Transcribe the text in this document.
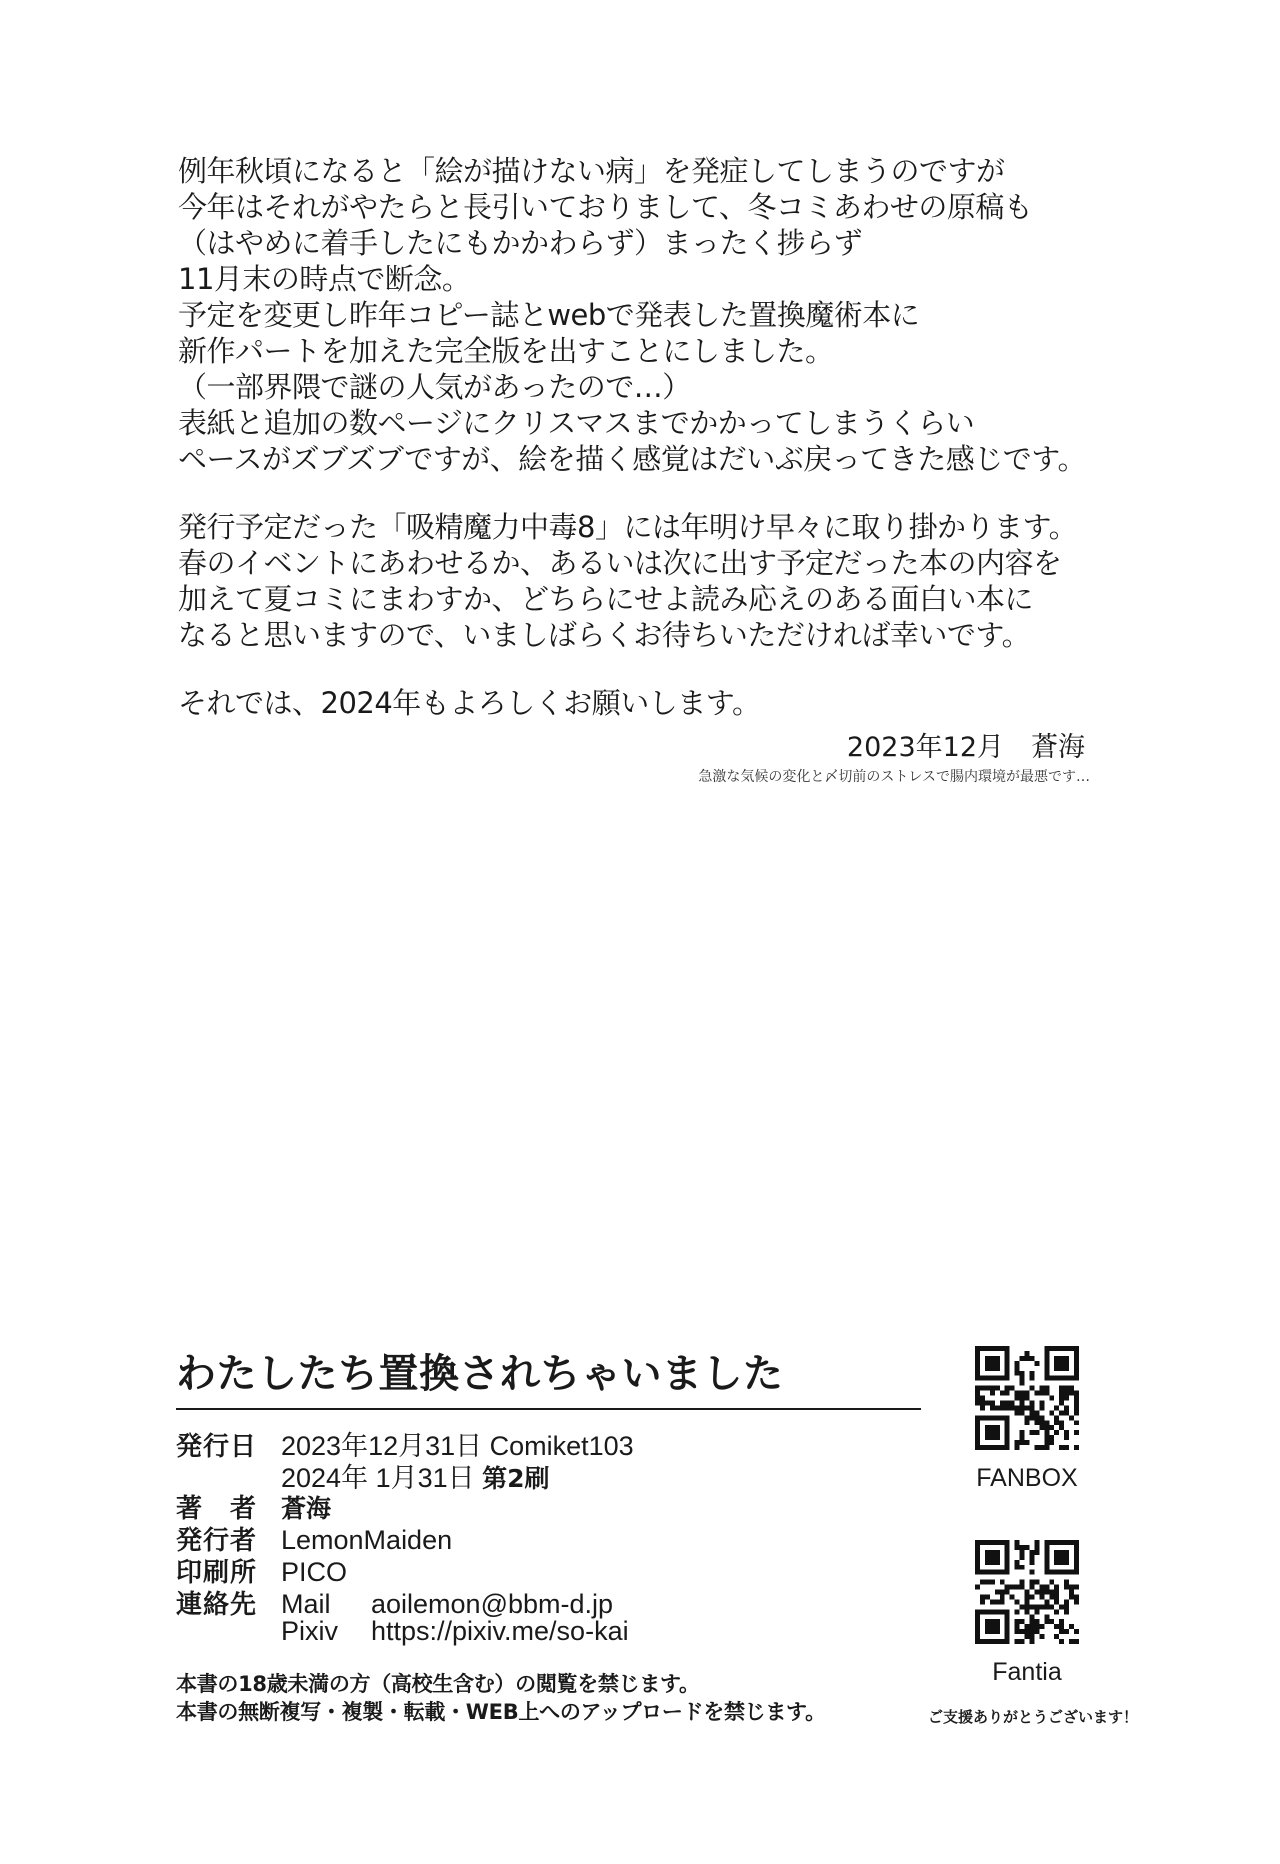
例年秋頃になると「絵が描けない病」を発症してしまうのですが
今年はそれがやたらと長引いておりまして、冬コミあわせの原稿も
（はやめに着手したにもかかわらず）まったく捗らず
11月末の時点で断念。
予定を変更し昨年コピー誌とwebで発表した置換魔術本に
新作パートを加えた完全版を出すことにしました。
（一部界隈で謎の人気があったので…）
表紙と追加の数ページにクリスマスまでかかってしまうくらい
ペースがズブズブですが、絵を描く感覚はだいぶ戻ってきた感じです。
発行予定だった「吸精魔力中毒8」には年明け早々に取り掛かります。
春のイベントにあわせるか、あるいは次に出す予定だった本の内容を
加えて夏コミにまわすか、どちらにせよ読み応えのある面白い本に
なると思いますので、いましばらくお待ちいただければ幸いです。
それでは、2024年もよろしくお願いします。
2023年12月　蒼海
急激な気候の変化と〆切前のストレスで腸内環境が最悪です…
わたしたち置換されちゃいました
発行日 2023年12月31日 Comiket103
2024年 1月31日 第2刷
著　者 蒼海
発行者 LemonMaiden
印刷所 PICO
連絡先 Mail aoilemon@bbm-d.jp
Pixiv https://pixiv.me/so-kai
本書の18歳未満の方（高校生含む）の閲覧を禁じます。
本書の無断複写・複製・転載・WEB上へのアップロードを禁じます。
FANBOX
Fantia
ご支援ありがとうございます！
